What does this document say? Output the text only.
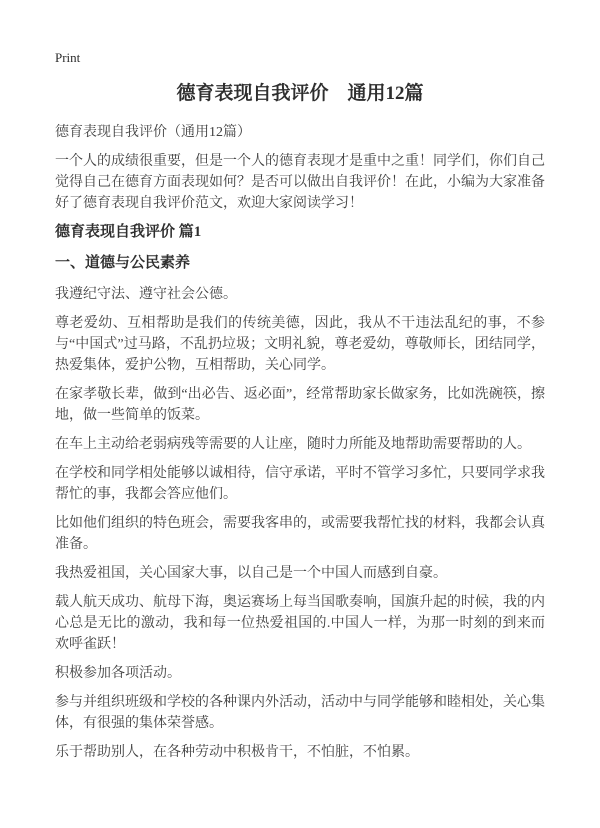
Print
德育表现自我评价　通用12篇

德育表现自我评价（通用12篇）

一个人的成绩很重要，但是一个人的德育表现才是重中之重！同学们，你们自己觉得自己在德育方面表现如何？是否可以做出自我评价！在此，小编为大家准备好了德育表现自我评价范文，欢迎大家阅读学习！

德育表现自我评价 篇1
一、道德与公民素养

我遵纪守法、遵守社会公德。

尊老爱幼、互相帮助是我们的传统美德，因此，我从不干违法乱纪的事，不参与“中国式”过马路，不乱扔垃圾；文明礼貌，尊老爱幼，尊敬师长，团结同学，热爱集体，爱护公物，互相帮助，关心同学。

在家孝敬长辈，做到“出必告、返必面”，经常帮助家长做家务，比如洗碗筷，擦地，做一些简单的饭菜。

在车上主动给老弱病残等需要的人让座，随时力所能及地帮助需要帮助的人。

在学校和同学相处能够以诚相待，信守承诺，平时不管学习多忙，只要同学求我帮忙的事，我都会答应他们。

比如他们组织的特色班会，需要我客串的，或需要我帮忙找的材料，我都会认真准备。

我热爱祖国，关心国家大事，以自己是一个中国人而感到自豪。

载人航天成功、航母下海，奥运赛场上每当国歌奏响，国旗升起的时候，我的内心总是无比的激动，我和每一位热爱祖国的.中国人一样，为那一时刻的到来而欢呼雀跃！

积极参加各项活动。

参与并组织班级和学校的各种课内外活动，活动中与同学能够和睦相处，关心集体，有很强的集体荣誉感。

乐于帮助别人，在各种劳动中积极肯干，不怕脏，不怕累。
